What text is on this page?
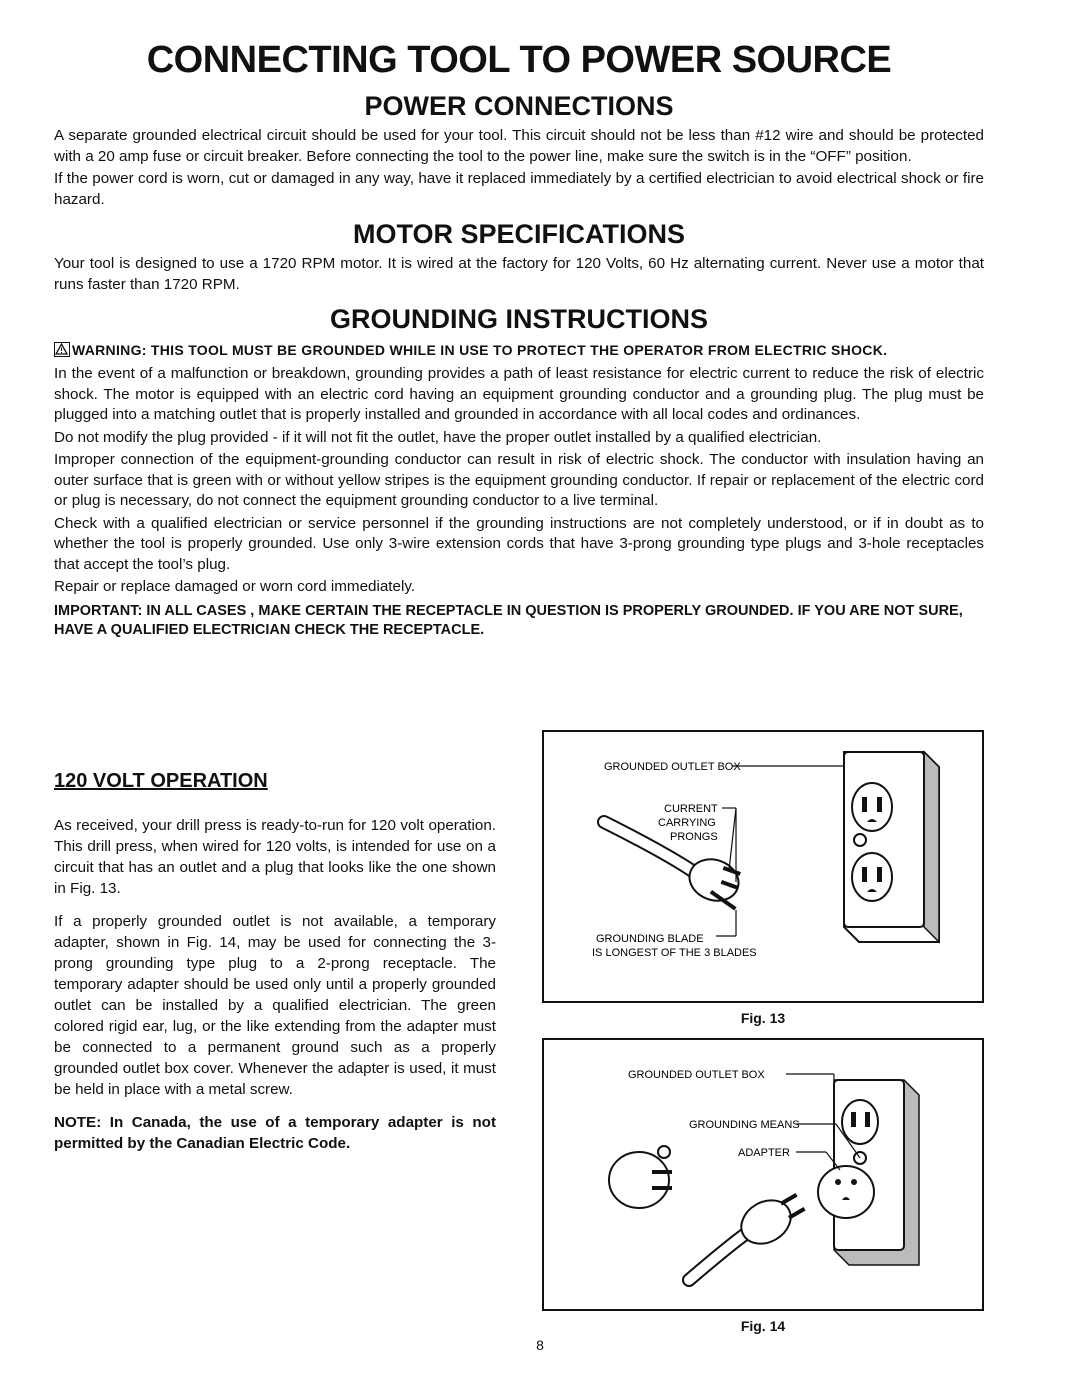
CONNECTING TOOL TO POWER SOURCE
POWER CONNECTIONS

A separate grounded electrical circuit should be used for your tool. This circuit should not be less than #12 wire and should be protected with a 20 amp fuse or circuit breaker. Before connecting the tool to the power line, make sure the switch is in the “OFF” position.

If the power cord is worn, cut or damaged in any way, have it replaced immediately by a certified electrician to avoid electrical shock or fire hazard.

MOTOR SPECIFICATIONS

Your tool is designed to use a 1720 RPM motor. It is wired at the factory for 120 Volts, 60 Hz alternating current. Never use a motor that runs faster than 1720 RPM.

GROUNDING INSTRUCTIONS
WARNING: THIS TOOL MUST BE GROUNDED WHILE IN USE TO PROTECT THE OPERATOR FROM ELECTRIC SHOCK.

In the event of a malfunction or breakdown, grounding provides a path of least resistance for electric current to reduce the risk of electric shock. The motor is equipped with an electric cord having an equipment grounding conductor and a grounding plug. The plug must be plugged into a matching outlet that is properly installed and grounded in accordance with all local codes and ordinances.

Do not modify the plug provided - if it will not fit the outlet, have the proper outlet installed by a qualified electrician.

Improper connection of the equipment-grounding conductor can result in risk of electric shock. The conductor with insulation having an outer surface that is green with or without yellow stripes is the equipment grounding conductor. If repair or replacement of the electric cord or plug is necessary, do not connect the equipment grounding conductor to a live terminal.

Check with a qualified electrician or service personnel if the grounding instructions are not completely understood, or if in doubt as to whether the tool is properly grounded. Use only 3-wire extension cords that have 3-prong grounding type plugs and 3-hole receptacles that accept the tool’s plug.

Repair or replace damaged or worn cord immediately.

IMPORTANT: IN ALL CASES , MAKE CERTAIN THE RECEPTACLE IN QUESTION IS PROPERLY GROUNDED. IF YOU ARE NOT SURE, HAVE A QUALIFIED ELECTRICIAN CHECK THE RECEPTACLE.

120 VOLT OPERATION

As received, your drill press is ready-to-run for 120 volt operation. This drill press, when wired for 120 volts, is intended for use on a circuit that has an outlet and a plug that looks like the one shown in Fig. 13.

If a properly grounded outlet is not available, a temporary adapter, shown in Fig. 14, may be used for connecting the 3-prong grounding type plug to a 2-prong receptacle. The temporary adapter should be used only until a properly grounded outlet can be installed by a qualified electrician. The green colored rigid ear, lug, or the like extending from the adapter must be connected to a permanent ground such as a properly grounded outlet box cover. Whenever the adapter is used, it must be held in place with a metal screw.

NOTE: In Canada, the use of a temporary adapter is not permitted by the Canadian Electric Code.

GROUNDED OUTLET BOX
CURRENT
CARRYING
PRONGS
GROUNDING BLADE
IS LONGEST OF THE 3 BLADES
Fig. 13
GROUNDED OUTLET BOX
GROUNDING MEANS
ADAPTER
Fig. 14
8
